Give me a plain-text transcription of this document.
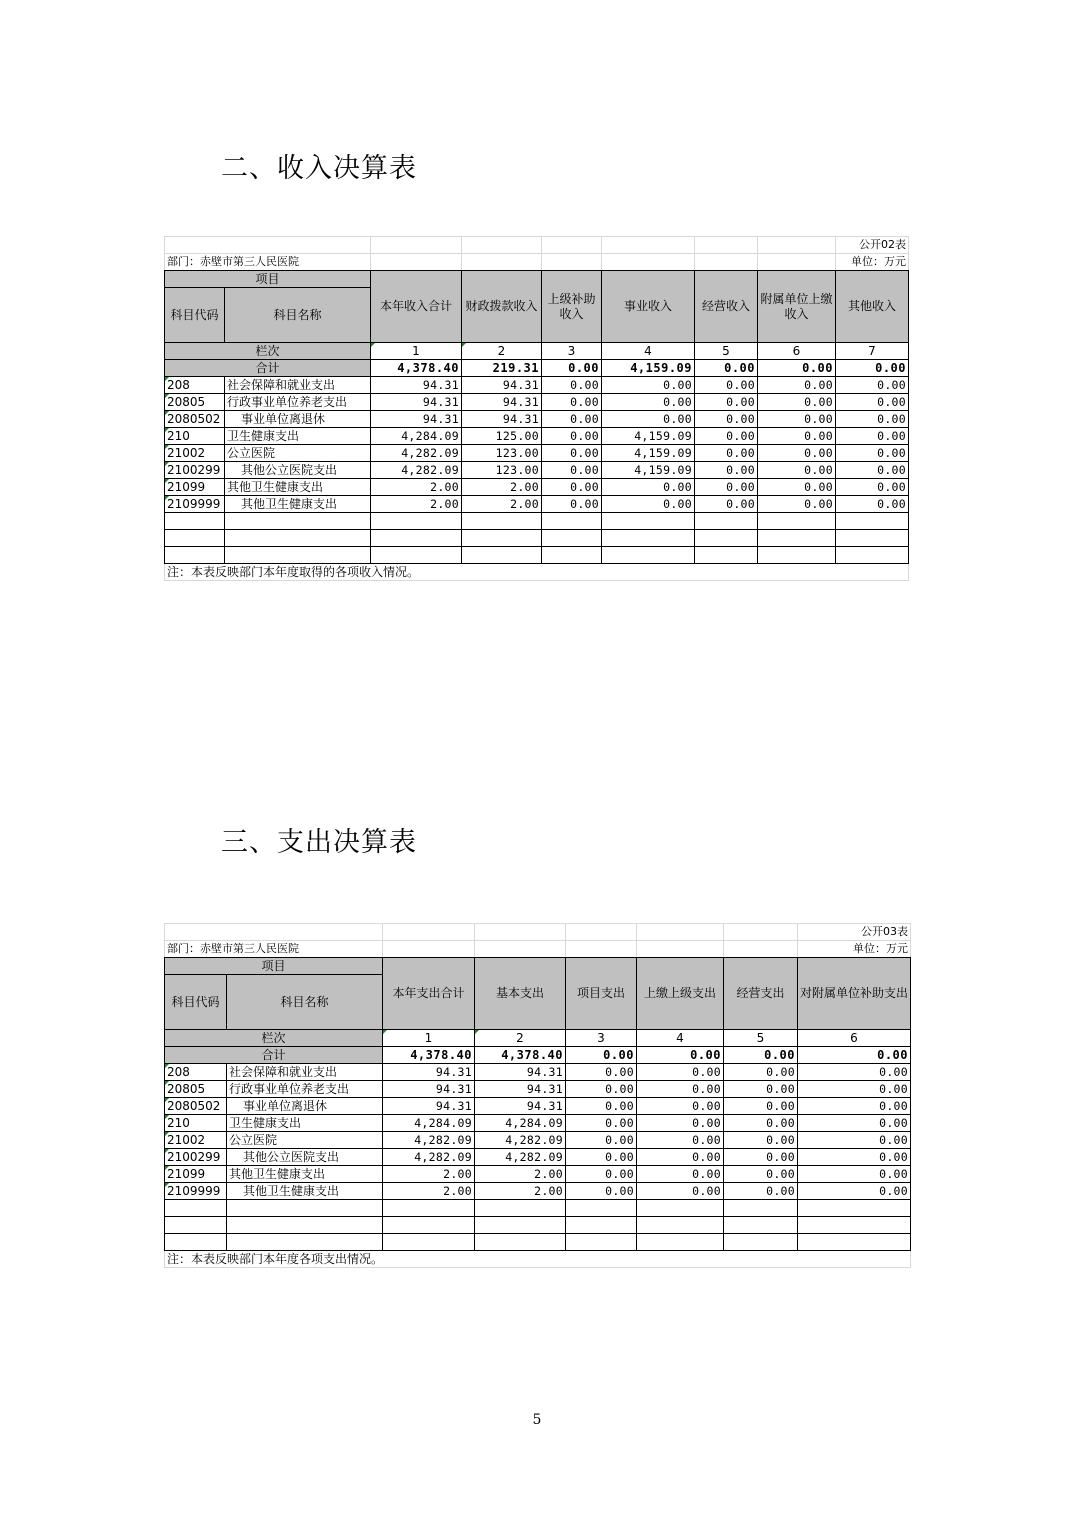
二、收入决算表
								公开02表
部门：赤壁市第三人民医院								单位：万元
项目		本年收入合计	财政拨款收入	上级补助收入	事业收入	经营收入	附属单位上缴收入	其他收入
科目代码	科目名称							
栏次		1	2	3	4	5	6	7
合计		4,378.40	219.31	0.00	4,159.09	0.00	0.00	0.00
208	社会保障和就业支出	94.31	94.31	0.00	0.00	0.00	0.00	0.00
20805	行政事业单位养老支出	94.31	94.31	0.00	0.00	0.00	0.00	0.00
2080502	事业单位离退休	94.31	94.31	0.00	0.00	0.00	0.00	0.00
210	卫生健康支出	4,284.09	125.00	0.00	4,159.09	0.00	0.00	0.00
21002	公立医院	4,282.09	123.00	0.00	4,159.09	0.00	0.00	0.00
2100299	其他公立医院支出	4,282.09	123.00	0.00	4,159.09	0.00	0.00	0.00
21099	其他卫生健康支出	2.00	2.00	0.00	0.00	0.00	0.00	0.00
2109999	其他卫生健康支出	2.00	2.00	0.00	0.00	0.00	0.00	0.00

注：本表反映部门本年度取得的各项收入情况。								
三、支出决算表
							公开03表
部门：赤壁市第三人民医院							单位：万元
项目		本年支出合计	基本支出	项目支出	上缴上级支出	经营支出	对附属单位补助支出
科目代码	科目名称						
栏次		1	2	3	4	5	6
合计		4,378.40	4,378.40	0.00	0.00	0.00	0.00
208	社会保障和就业支出	94.31	94.31	0.00	0.00	0.00	0.00
20805	行政事业单位养老支出	94.31	94.31	0.00	0.00	0.00	0.00
2080502	事业单位离退休	94.31	94.31	0.00	0.00	0.00	0.00
210	卫生健康支出	4,284.09	4,284.09	0.00	0.00	0.00	0.00
21002	公立医院	4,282.09	4,282.09	0.00	0.00	0.00	0.00
2100299	其他公立医院支出	4,282.09	4,282.09	0.00	0.00	0.00	0.00
21099	其他卫生健康支出	2.00	2.00	0.00	0.00	0.00	0.00
2109999	其他卫生健康支出	2.00	2.00	0.00	0.00	0.00	0.00

注：本表反映部门本年度各项支出情况。							
5
